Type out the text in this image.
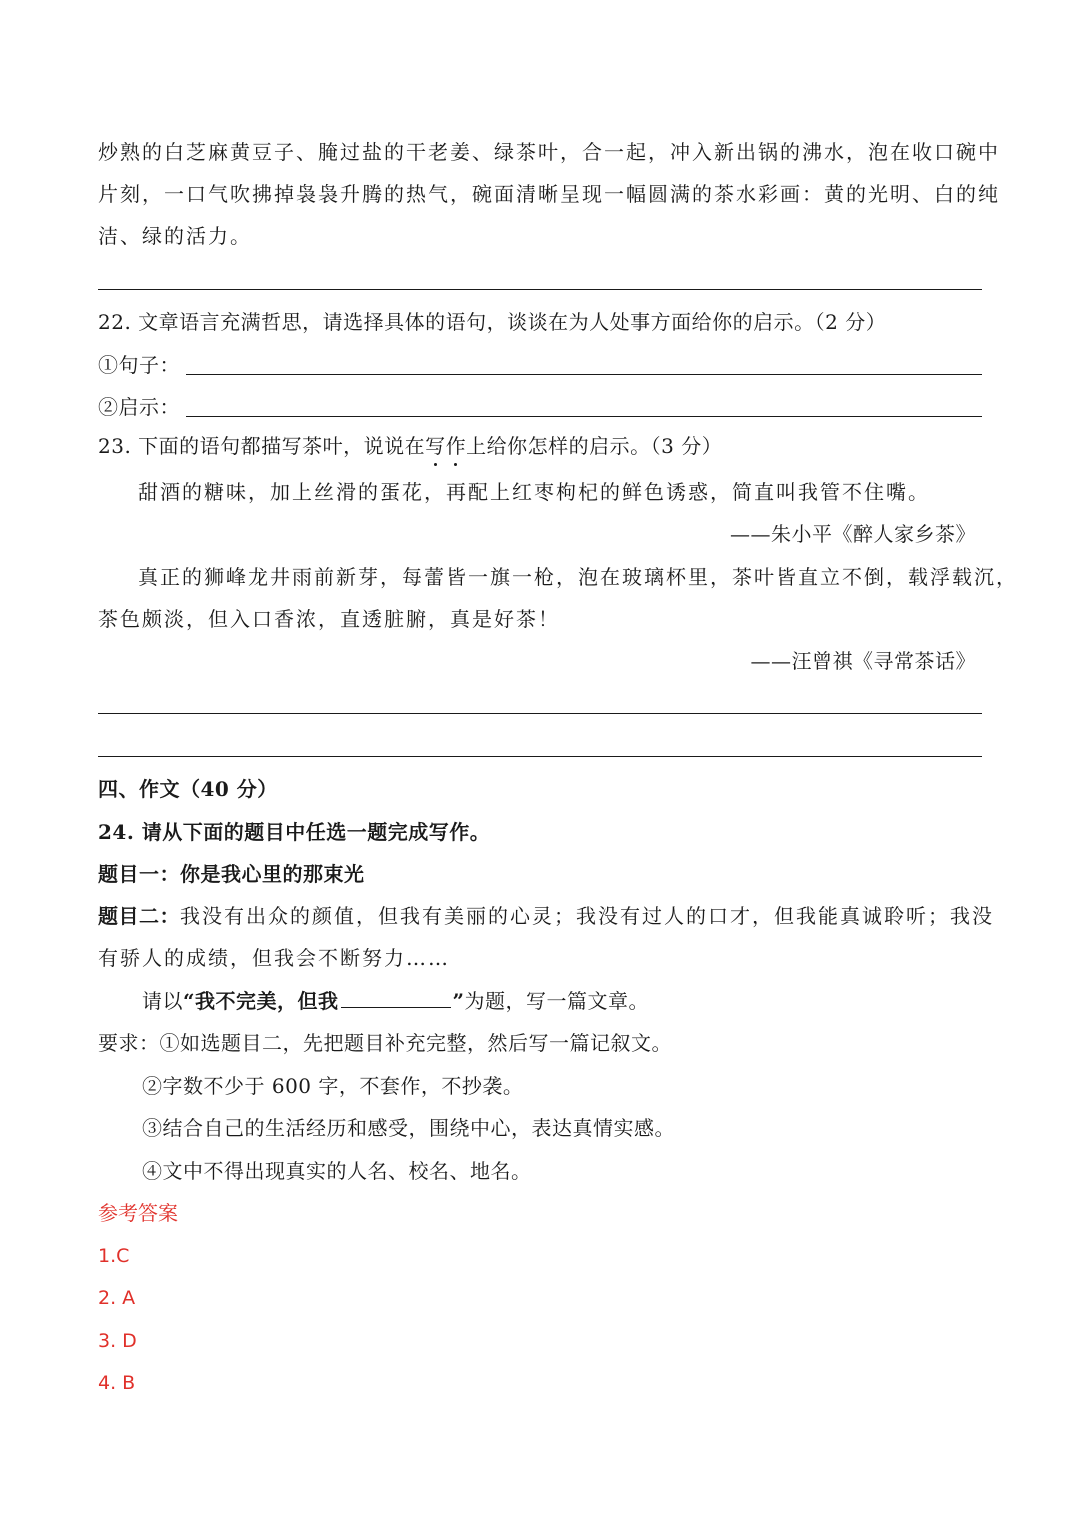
炒熟的白芝麻黄豆子、腌过盐的干老姜、绿茶叶，合一起，冲入新出锅的沸水，泡在收口碗中
片刻，一口气吹拂掉袅袅升腾的热气，碗面清晰呈现一幅圆满的茶水彩画：黄的光明、白的纯
洁、绿的活力。
22. 文章语言充满哲思，请选择具体的语句，谈谈在为人处事方面给你的启示。（2 分）
①句子：
②启示：
23. 下面的语句都描写茶叶，说说在写作上给你怎样的启示。（3 分）
甜酒的糖味，加上丝滑的蛋花，再配上红枣枸杞的鲜色诱惑，简直叫我管不住嘴。
——朱小平《醉人家乡茶》
真正的狮峰龙井雨前新芽，每蕾皆一旗一枪，泡在玻璃杯里，茶叶皆直立不倒，载浮载沉，
茶色颇淡，但入口香浓，直透脏腑，真是好茶！
——汪曾祺《寻常茶话》
四、作文（40 分）
24. 请从下面的题目中任选一题完成写作。
题目一：你是我心里的那束光
题目二：我没有出众的颜值，但我有美丽的心灵；我没有过人的口才，但我能真诚聆听；我没
有骄人的成绩，但我会不断努力……
请以“我不完美，但我	”为题，写一篇文章。
要求：①如选题目二，先把题目补充完整，然后写一篇记叙文。
②字数不少于 600 字，不套作，不抄袭。
③结合自己的生活经历和感受，围绕中心，表达真情实感。
④文中不得出现真实的人名、校名、地名。
参考答案
1.C
2. A
3. D
4. B
